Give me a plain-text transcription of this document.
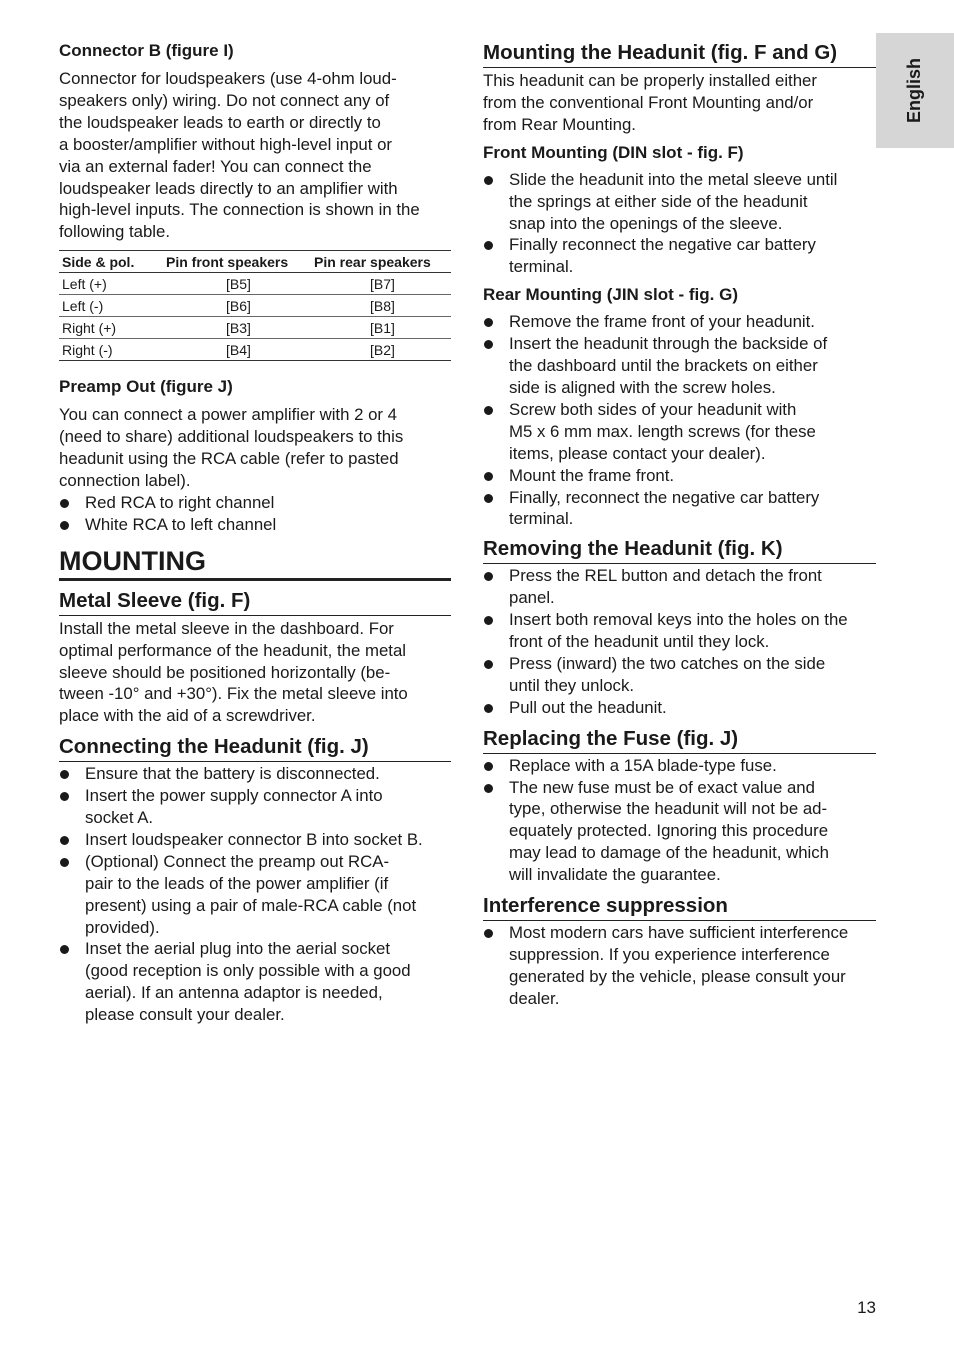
English
Connector B (figure I)

Connector for loudspeakers (use 4-ohm loud-
speakers only) wiring. Do not connect any of
the loudspeaker leads to earth or directly to
a booster/amplifier without high-level input or
via an external fader! You can connect the
loudspeaker leads directly to an amplifier with
high-level inputs. The connection is shown in the
following table.

Side & pol.	Pin front speakers	Pin rear speakers
Left (+)	[B5]	[B7]
Left (-)	[B6]	[B8]
Right (+)	[B3]	[B1]
Right (-)	[B4]	[B2]
Preamp Out (figure J)

You can connect a power amplifier with 2 or 4
(need to share) additional loudspeakers to this
headunit using the RCA cable (refer to pasted
connection label).

Red RCA to right channel
White RCA to left channel
MOUNTING
Metal Sleeve (fig. F)

Install the metal sleeve in the dashboard. For
optimal performance of the headunit, the metal
sleeve should be positioned horizontally (be-
tween -10° and +30°). Fix the metal sleeve into
place with the aid of a screwdriver.

Connecting the Headunit (fig. J)
Ensure that the battery is disconnected.
Insert the power supply connector A into
socket A.
Insert loudspeaker connector B into socket B.
(Optional) Connect the preamp out RCA-
pair to the leads of the power amplifier (if
present) using a pair of male-RCA cable (not
provided).
Inset the aerial plug into the aerial socket
(good reception is only possible with a good
aerial). If an antenna adaptor is needed,
please consult your dealer.
Mounting the Headunit (fig. F and G)

This headunit can be properly installed either
from the conventional Front Mounting and/or
from Rear Mounting.

Front Mounting (DIN slot - fig. F)
Slide the headunit into the metal sleeve until
the springs at either side of the headunit
snap into the openings of the sleeve.
Finally reconnect the negative car battery
terminal.
Rear Mounting (JIN slot - fig. G)
Remove the frame front of your headunit.
Insert the headunit through the backside of
the dashboard until the brackets on either
side is aligned with the screw holes.
Screw both sides of your headunit with
M5 x 6 mm max. length screws (for these
items, please contact your dealer).
Mount the frame front.
Finally, reconnect the negative car battery
terminal.
Removing the Headunit (fig. K)
Press the REL button and detach the front
panel.
Insert both removal keys into the holes on the
front of the headunit until they lock.
Press (inward) the two catches on the side
until they unlock.
Pull out the headunit.
Replacing the Fuse (fig. J)
Replace with a 15A blade-type fuse.
The new fuse must be of exact value and
type, otherwise the headunit will not be ad-
equately protected. Ignoring this procedure
may lead to damage of the headunit, which
will invalidate the guarantee.
Interference suppression
Most modern cars have sufficient interference
suppression. If you experience interference
generated by the vehicle, please consult your
dealer.
13
